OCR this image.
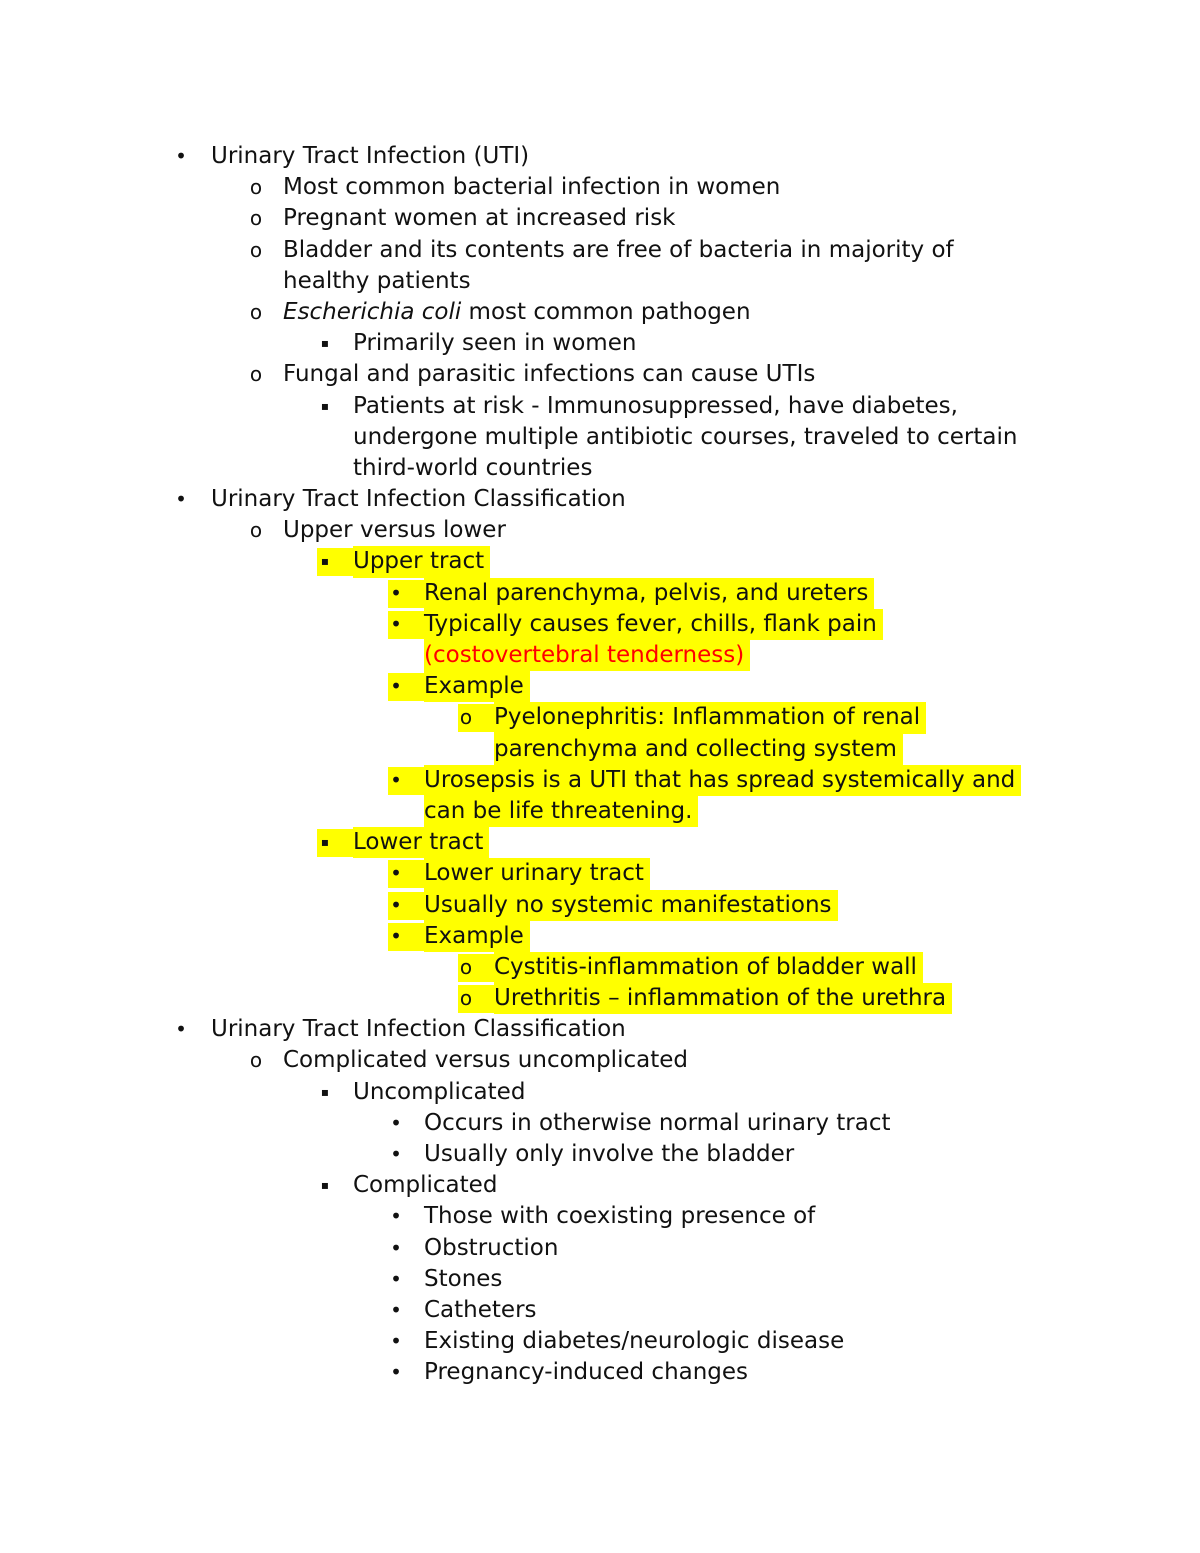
• Urinary Tract Infection (UTI)
o Most common bacterial infection in women
o Pregnant women at increased risk
o Bladder and its contents are free of bacteria in majority of
healthy patients
o Escherichia coli most common pathogen
▪	Primarily seen in women
o Fungal and parasitic infections can cause UTIs
▪	Patients at risk - Immunosuppressed, have diabetes,
undergone multiple antibiotic courses, traveled to certain
third-world countries
• Urinary Tract Infection Classification
o Upper versus lower
▪	Upper tract
• Renal parenchyma, pelvis, and ureters
• Typically causes fever, chills, flank pain
(costovertebral tenderness)
• Example
o Pyelonephritis: Inflammation of renal
parenchyma and collecting system
• Urosepsis is a UTI that has spread systemically and
can be life threatening.
▪	Lower tract
• Lower urinary tract
• Usually no systemic manifestations
• Example
o Cystitis-inflammation of bladder wall
o Urethritis – inflammation of the urethra
• Urinary Tract Infection Classification
o Complicated versus uncomplicated
▪	Uncomplicated
• Occurs in otherwise normal urinary tract
• Usually only involve the bladder
▪	Complicated
• Those with coexisting presence of
• Obstruction
• Stones
• Catheters
• Existing diabetes/neurologic disease
• Pregnancy-induced changes
